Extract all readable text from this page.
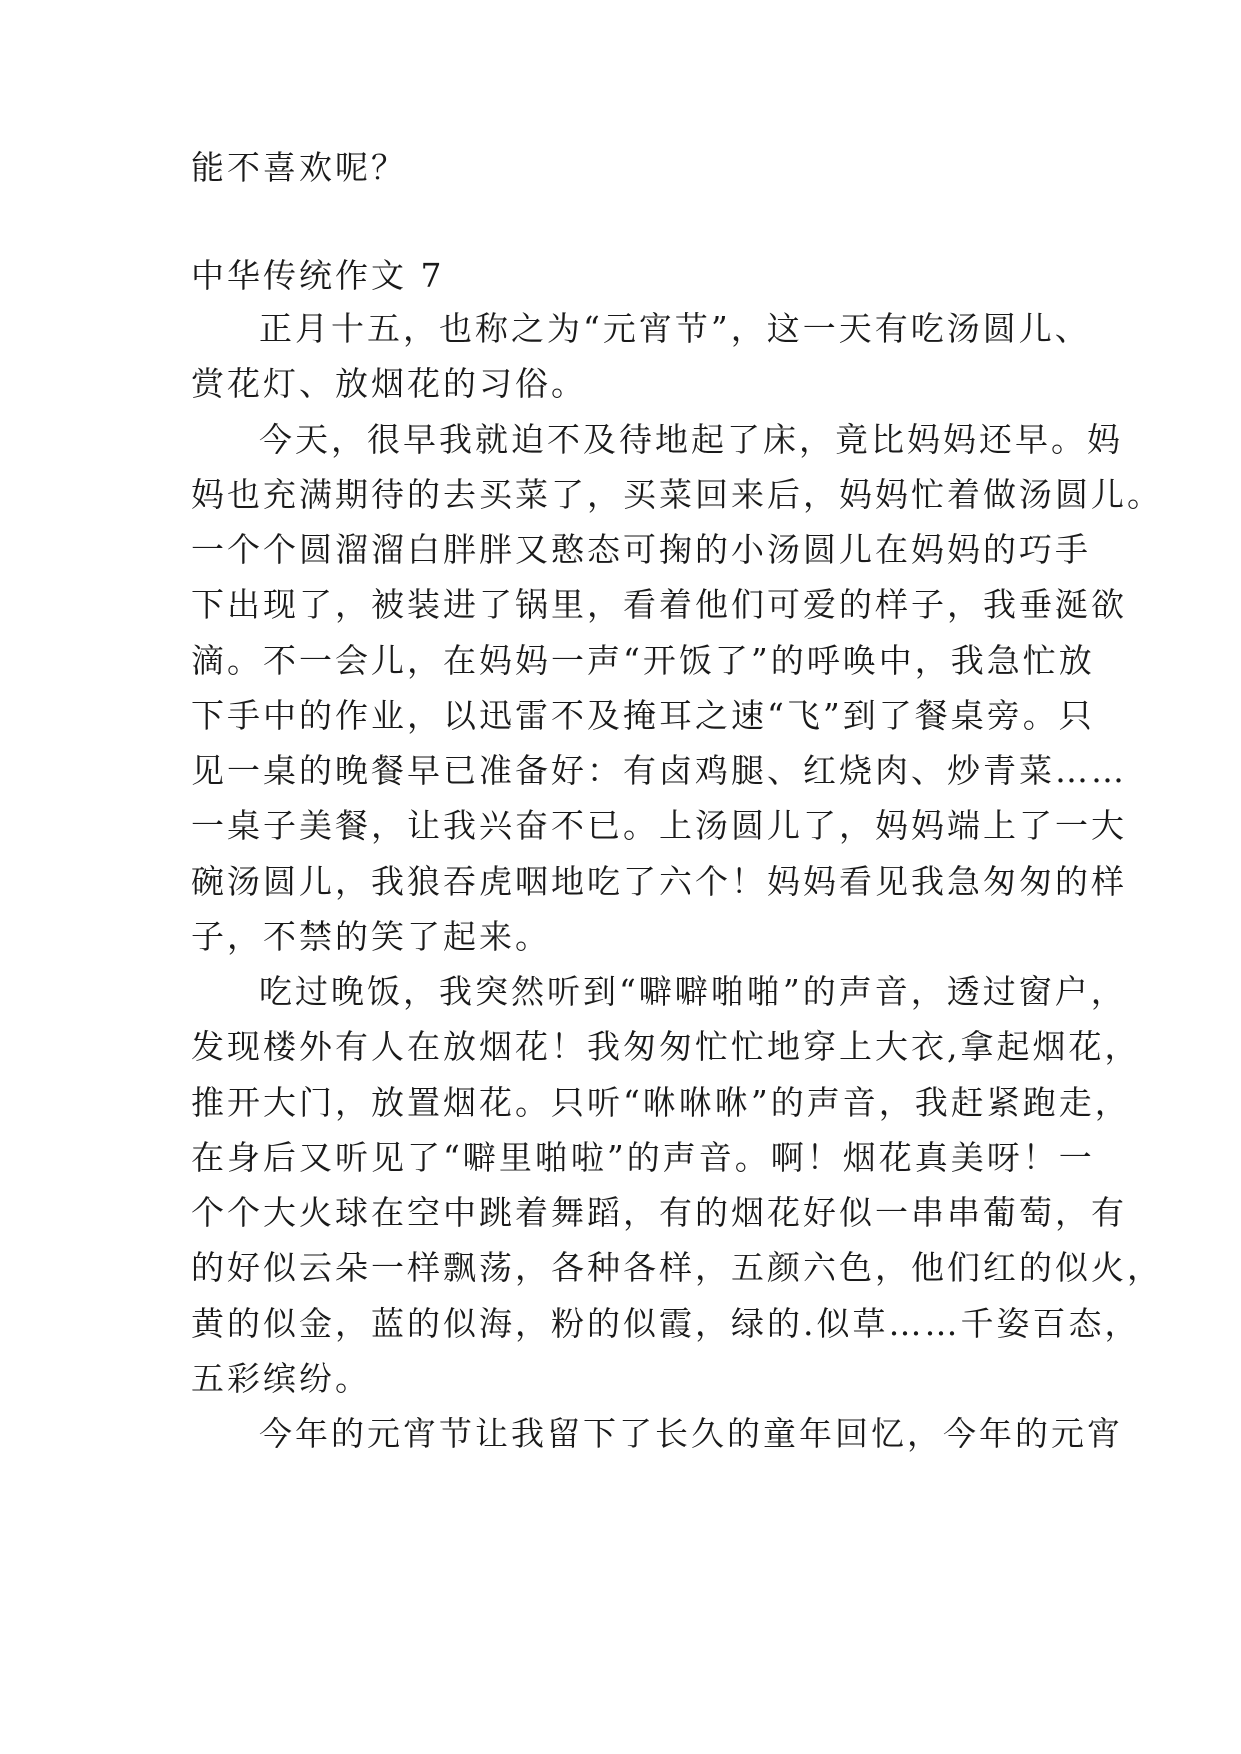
能不喜欢呢？
中华传统作文 7
正月十五，也称之为“元宵节”，这一天有吃汤圆儿、
赏花灯、放烟花的习俗。
今天，很早我就迫不及待地起了床，竟比妈妈还早。妈
妈也充满期待的去买菜了，买菜回来后，妈妈忙着做汤圆儿。
一个个圆溜溜白胖胖又憨态可掬的小汤圆儿在妈妈的巧手
下出现了，被装进了锅里，看着他们可爱的样子，我垂涎欲
滴。不一会儿，在妈妈一声“开饭了”的呼唤中，我急忙放
下手中的作业，以迅雷不及掩耳之速“飞”到了餐桌旁。只
见一桌的晚餐早已准备好：有卤鸡腿、红烧肉、炒青菜……
一桌子美餐，让我兴奋不已。上汤圆儿了，妈妈端上了一大
碗汤圆儿，我狼吞虎咽地吃了六个！妈妈看见我急匆匆的样
子，不禁的笑了起来。
吃过晚饭，我突然听到“噼噼啪啪”的声音，透过窗户，
发现楼外有人在放烟花！我匆匆忙忙地穿上大衣,拿起烟花，
推开大门，放置烟花。只听“咻咻咻”的声音，我赶紧跑走，
在身后又听见了“噼里啪啦”的声音。啊！烟花真美呀！一
个个大火球在空中跳着舞蹈，有的烟花好似一串串葡萄，有
的好似云朵一样飘荡，各种各样，五颜六色，他们红的似火，
黄的似金，蓝的似海，粉的似霞，绿的.似草……千姿百态，
五彩缤纷。
今年的元宵节让我留下了长久的童年回忆，今年的元宵
